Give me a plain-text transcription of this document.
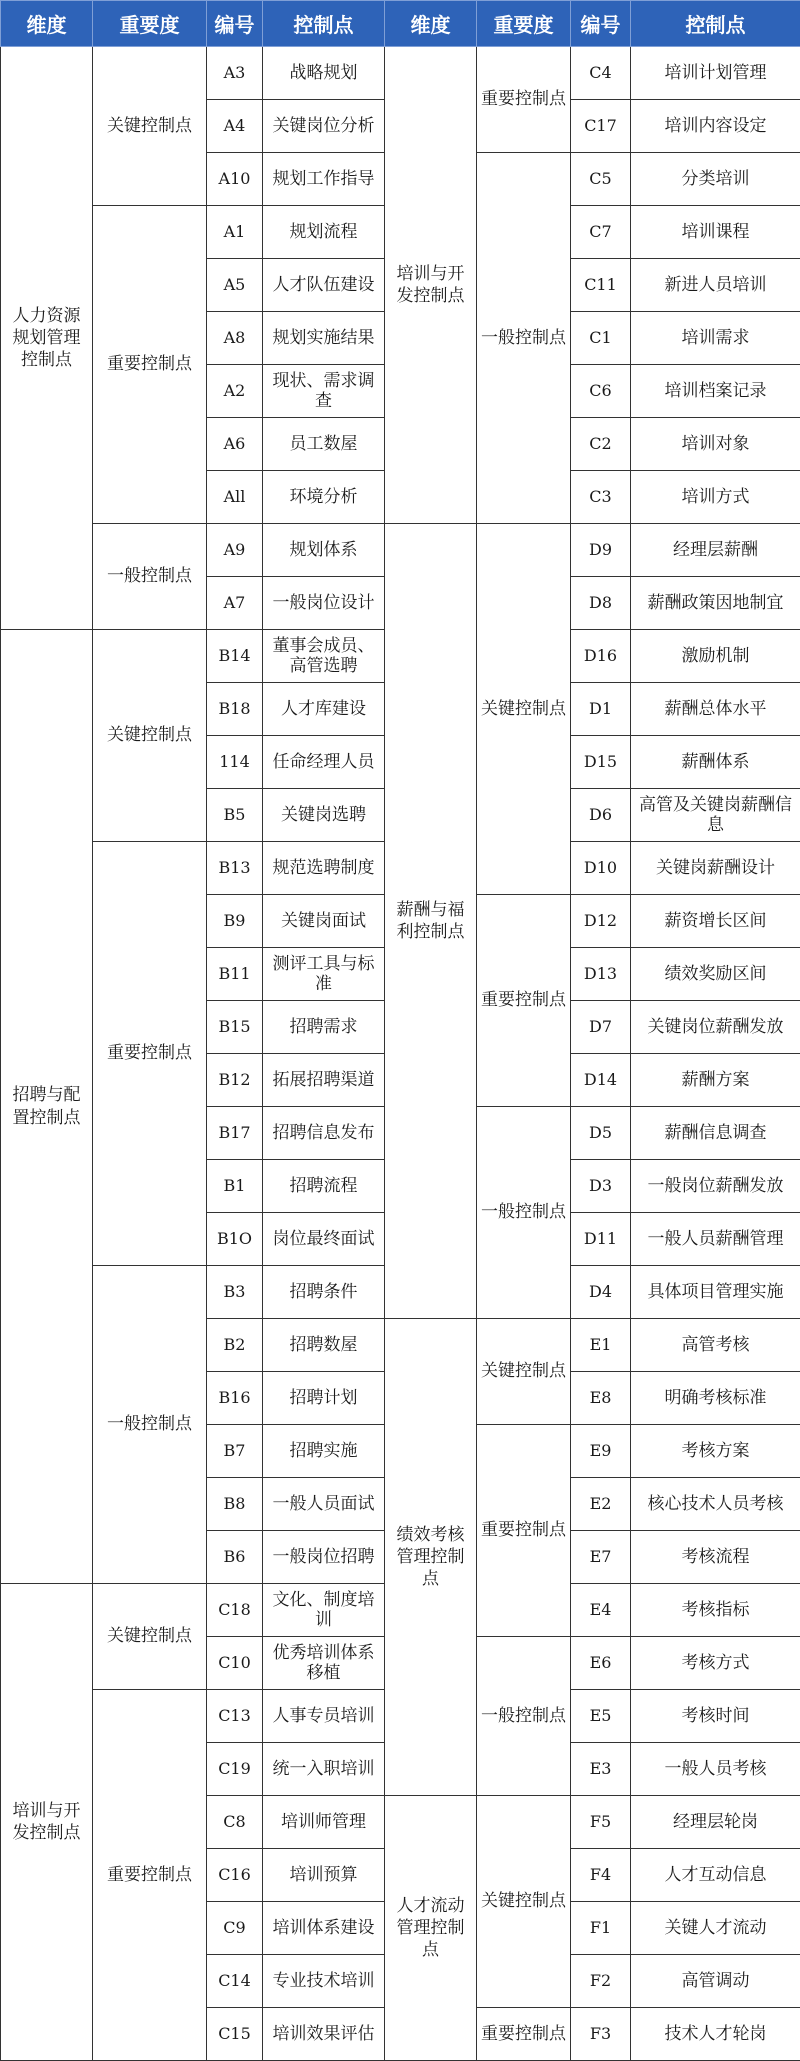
维度	重要度	编号	控制点	维度	重要度	编号	控制点
人力资源规划管理控制点	关键控制点	A3	战略规划	培训与开发控制点	重要控制点	C4	培训计划管理
		A4	关键岗位分析			C17	培训内容设定
		A10	规划工作指导		一般控制点	C5	分类培训
	重要控制点	A1	规划流程			C7	培训课程
		A5	人才队伍建设			C11	新进人员培训
		A8	规划实施结果			C1	培训需求
		A2	现状、需求调查			C6	培训档案记录
		A6	员工数屋			C2	培训对象
		All	环境分析			C3	培训方式
	一般控制点	A9	规划体系	薪酬与福利控制点	关键控制点	D9	经理层薪酬
		A7	一般岗位设计			D8	薪酬政策因地制宜
招聘与配置控制点	关键控制点	B14	董事会成员、高管选聘			D16	激励机制
		B18	人才库建设			D1	薪酬总体水平
		114	任命经理人员			D15	薪酬体系
		B5	关键岗选聘			D6	高管及关键岗薪酬信息
	重要控制点	B13	规范选聘制度			D10	关键岗薪酬设计
		B9	关键岗面试		重要控制点	D12	薪资增长区间
		B11	测评工具与标准			D13	绩效奖励区间
		B15	招聘需求			D7	关键岗位薪酬发放
		B12	拓展招聘渠道			D14	薪酬方案
		B17	招聘信息发布		一般控制点	D5	薪酬信息调查
		B1	招聘流程			D3	一般岗位薪酬发放
		B1O	岗位最终面试			D11	一般人员薪酬管理
	一般控制点	B3	招聘条件			D4	具体项目管理实施
		B2	招聘数屋	绩效考核管理控制点	关键控制点	E1	高管考核
		B16	招聘计划			E8	明确考核标准
		B7	招聘实施		重要控制点	E9	考核方案
		B8	一般人员面试			E2	核心技术人员考核
		B6	一般岗位招聘			E7	考核流程
培训与开发控制点	关键控制点	C18	文化、制度培训			E4	考核指标
		C10	优秀培训体系移植		一般控制点	E6	考核方式
	重要控制点	C13	人事专员培训			E5	考核时间
		C19	统一入职培训			E3	一般人员考核
		C8	培训师管理	人才流动管理控制点	关键控制点	F5	经理层轮岗
		C16	培训预算			F4	人才互动信息
		C9	培训体系建设			F1	关键人才流动
		C14	专业技术培训			F2	高管调动
		C15	培训效果评估		重要控制点	F3	技术人才轮岗
